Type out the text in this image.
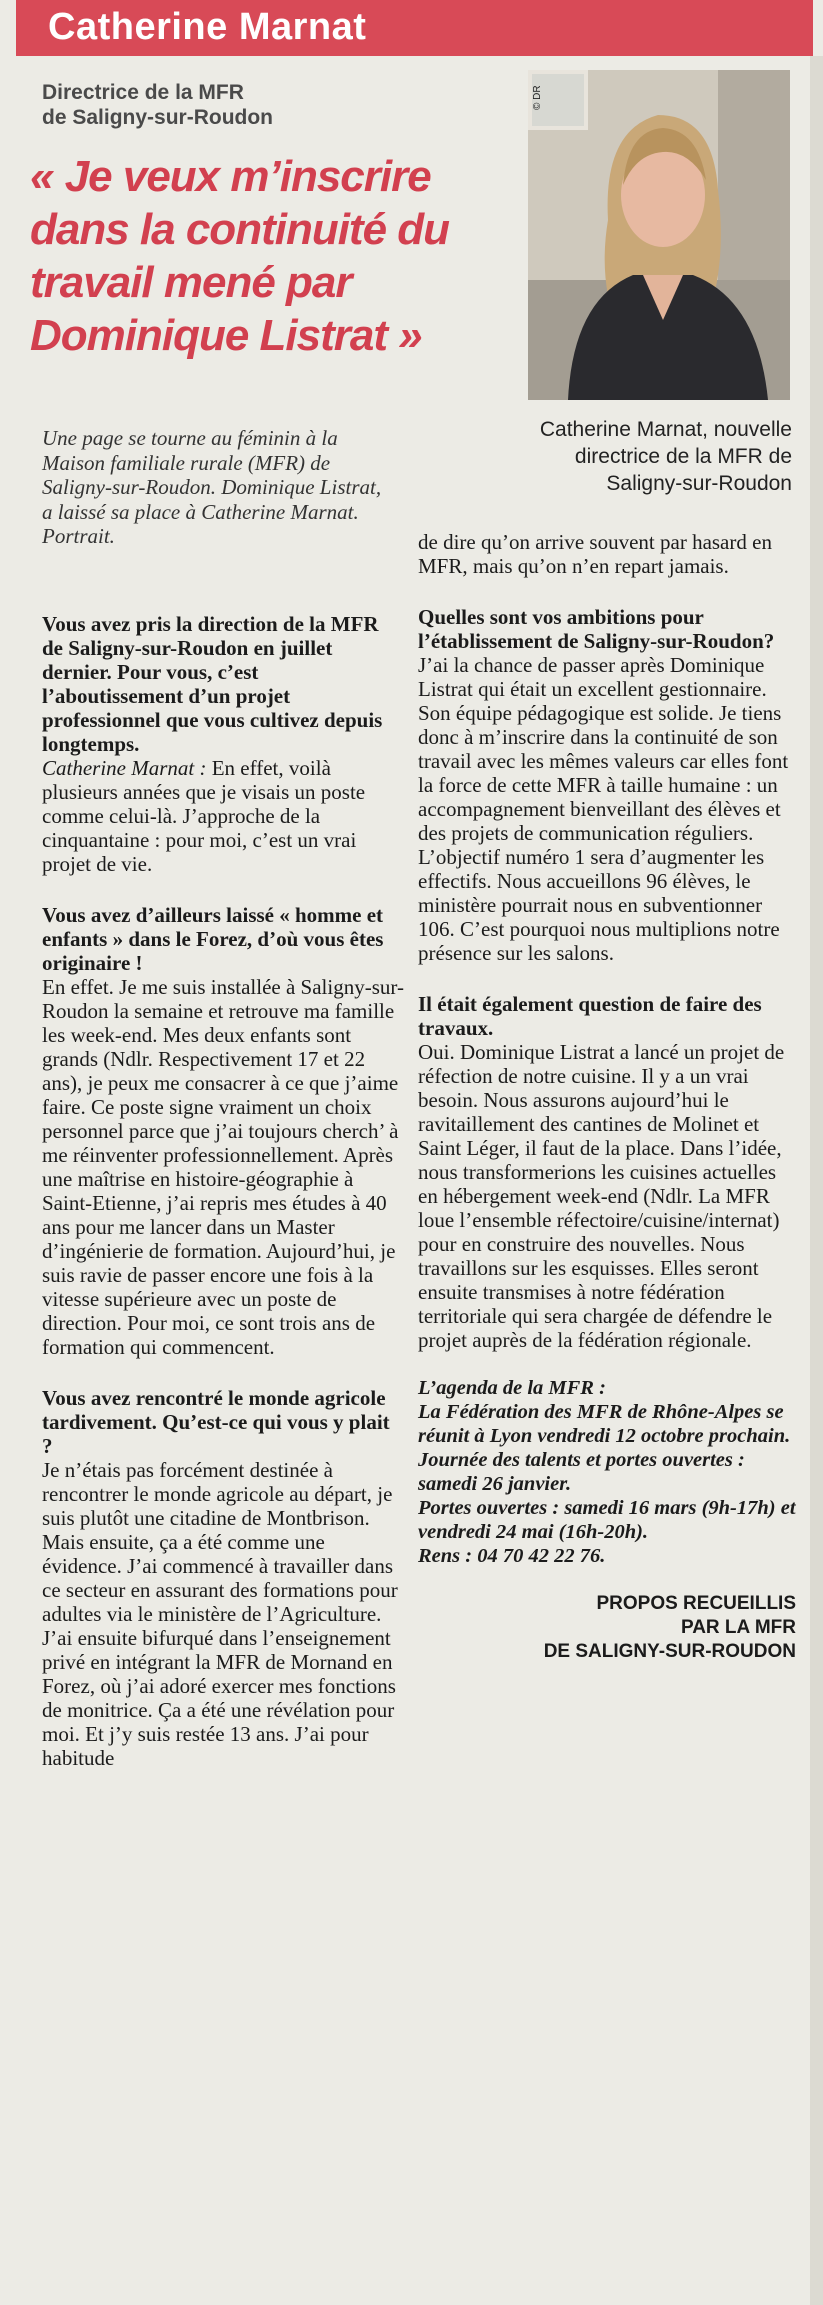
Catherine Marnat
Directrice de la MFR
de Saligny-sur-Roudon
« Je veux m’inscrire dans la continuité du travail mené par Dominique Listrat »
© DR
Catherine Marnat, nouvelle directrice de la MFR de Saligny-sur-Roudon
Une page se tourne au féminin à la Maison familiale rurale (MFR) de Saligny-sur-Roudon. Dominique Listrat, a laissé sa place à Catherine Marnat. Portrait.
Vous avez pris la direction de la MFR de Saligny-sur-Roudon en juillet dernier. Pour vous, c’est l’aboutissement d’un projet professionnel que vous cultivez depuis longtemps.

Catherine Marnat : En effet, voilà plusieurs années que je visais un poste comme celui-là. J’approche de la cinquantaine : pour moi, c’est un vrai projet de vie.

Vous avez d’ailleurs laissé « homme et enfants » dans le Forez, d’où vous êtes originaire !

En effet. Je me suis installée à Saligny-sur-Roudon la semaine et retrouve ma famille les week-end. Mes deux enfants sont grands (Ndlr. Respectivement 17 et 22 ans), je peux me consacrer à ce que j’aime faire. Ce poste signe vraiment un choix personnel parce que j’ai toujours cherch’ à me réinventer professionnellement. Après une maîtrise en histoire-géographie à Saint-Etienne, j’ai repris mes études à 40 ans pour me lancer dans un Master d’ingénierie de formation. Aujourd’hui, je suis ravie de passer encore une fois à la vitesse supérieure avec un poste de direction. Pour moi, ce sont trois ans de formation qui commencent.

Vous avez rencontré le monde agricole tardivement. Qu’est-ce qui vous y plait ?

Je n’étais pas forcément destinée à rencontrer le monde agricole au départ, je suis plutôt une citadine de Montbrison. Mais ensuite, ça a été comme une évidence. J’ai commencé à travailler dans ce secteur en assurant des formations pour adultes via le ministère de l’Agriculture. J’ai ensuite bifurqué dans l’enseignement privé en intégrant la MFR de Mornand en Forez, où j’ai adoré exercer mes fonctions de monitrice. Ça a été une révélation pour moi. Et j’y suis restée 13 ans. J’ai pour habitude

de dire qu’on arrive souvent par hasard en MFR, mais qu’on n’en repart jamais.

Quelles sont vos ambitions pour l’établissement de Saligny-sur-Roudon?

J’ai la chance de passer après Dominique Listrat qui était un excellent gestionnaire. Son équipe pédagogique est solide. Je tiens donc à m’inscrire dans la continuité de son travail avec les mêmes valeurs car elles font la force de cette MFR à taille humaine : un accompagnement bienveillant des élèves et des projets de communication réguliers. L’objectif numéro 1 sera d’augmenter les effectifs. Nous accueillons 96 élèves, le ministère pourrait nous en subventionner 106. C’est pourquoi nous multiplions notre présence sur les salons.

Il était également question de faire des travaux.

Oui. Dominique Listrat a lancé un projet de réfection de notre cuisine. Il y a un vrai besoin. Nous assurons aujourd’hui le ravitaillement des cantines de Molinet et Saint Léger, il faut de la place. Dans l’idée, nous transformerions les cuisines actuelles en hébergement week-end (Ndlr. La MFR loue l’ensemble réfectoire/cuisine/internat) pour en construire des nouvelles. Nous travaillons sur les esquisses. Elles seront ensuite transmises à notre fédération territoriale qui sera chargée de défendre le projet auprès de la fédération régionale.

L’agenda de la MFR :
La Fédération des MFR de Rhône-Alpes se réunit à Lyon vendredi 12 octobre prochain.
Journée des talents et portes ouvertes : samedi 26 janvier.
Portes ouvertes : samedi 16 mars (9h-17h) et vendredi 24 mai (16h-20h).
Rens : 04 70 42 22 76.
PROPOS RECUEILLIS
PAR LA MFR
DE SALIGNY-SUR-ROUDON
